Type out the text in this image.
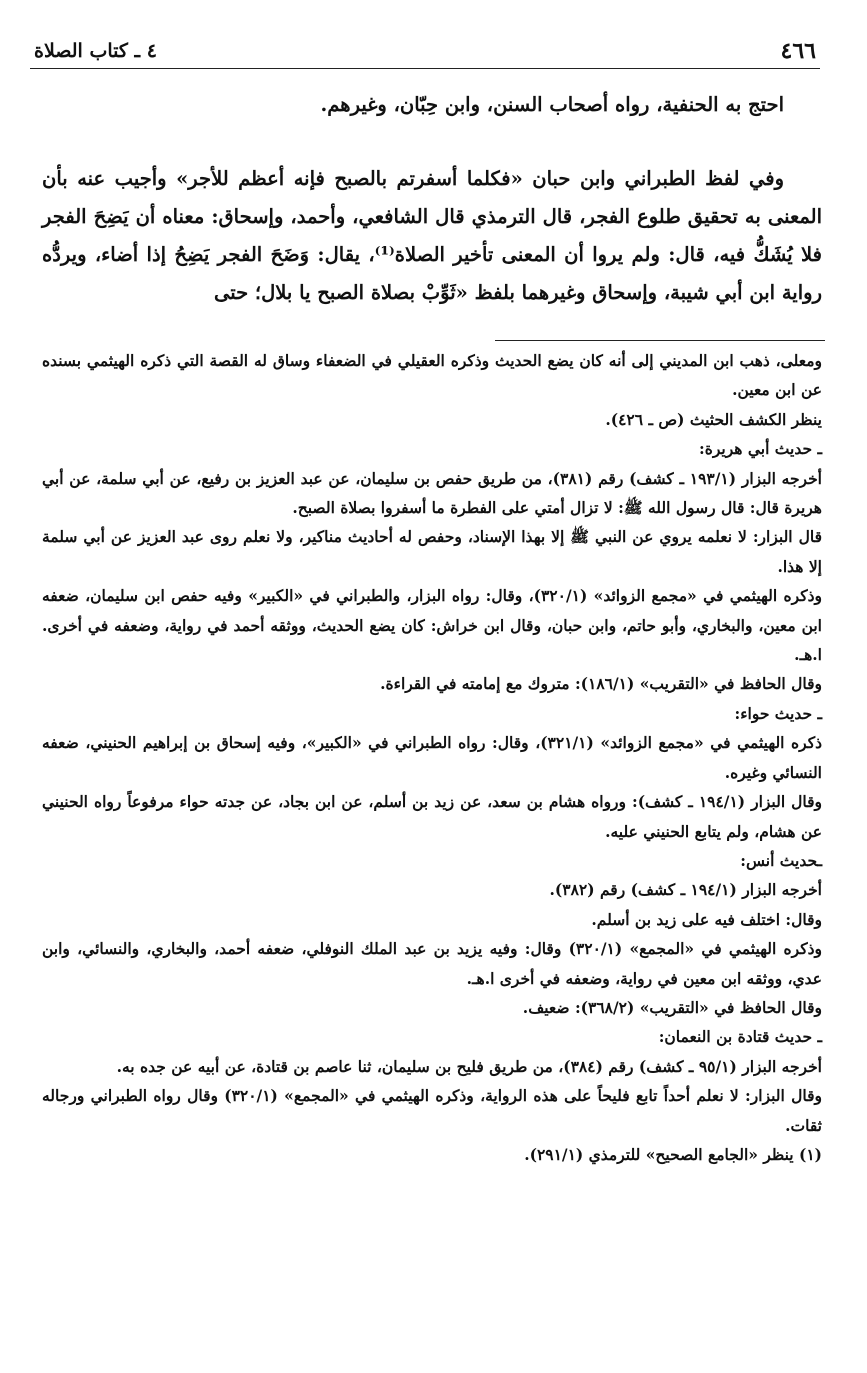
٤٦٦
٤ ـ كتاب الصلاة

احتج به الحنفية، رواه أصحاب السنن، وابن حِبّان، وغيرهم.

وفي لفظ الطبراني وابن حبان «فكلما أسفرتم بالصبح فإنه أعظم للأجر» وأجيب عنه بأن المعنى به تحقيق طلوع الفجر، قال الترمذي قال الشافعي، وأحمد، وإسحاق: معناه أن يَضِحَ الفجر فلا يُشَكُّ فيه، قال: ولم يروا أن المعنى تأخير الصلاة⁽¹⁾، يقال: وَضَحَ الفجر يَضِحُ إذا أضاء، ويردُّه رواية ابن أبي شيبة، وإسحاق وغيرهما بلفظ «ثَوِّبْ بصلاة الصبح يا بلال؛ حتى

ومعلى، ذهب ابن المديني إلى أنه كان يضع الحديث وذكره العقيلي في الضعفاء وساق له القصة التي ذكره الهيثمي بسنده عن ابن معين.

ينظر الكشف الحثيث (ص ـ ٤٢٦).

ـ حديث أبي هريرة:

أخرجه البزار (١٩٣/١ ـ كشف) رقم (٣٨١)، من طريق حفص بن سليمان، عن عبد العزيز بن رفيع، عن أبي سلمة، عن أبي هريرة قال: قال رسول الله ﷺ: لا تزال أمتي على الفطرة ما أسفروا بصلاة الصبح.

قال البزار: لا نعلمه يروي عن النبي ﷺ إلا بهذا الإسناد، وحفص له أحاديث مناكير، ولا نعلم روى عبد العزيز عن أبي سلمة إلا هذا.

وذكره الهيثمي في «مجمع الزوائد» (٣٢٠/١)، وقال: رواه البزار، والطبراني في «الكبير» وفيه حفص ابن سليمان، ضعفه ابن معين، والبخاري، وأبو حاتم، وابن حبان، وقال ابن خراش: كان يضع الحديث، ووثقه أحمد في رواية، وضعفه في أخرى. ا.هـ.

وقال الحافظ في «التقريب» (١٨٦/١): متروك مع إمامته في القراءة.

ـ حديث حواء:

ذكره الهيثمي في «مجمع الزوائد» (٣٢١/١)، وقال: رواه الطبراني في «الكبير»، وفيه إسحاق بن إبراهيم الحنيني، ضعفه النسائي وغيره.

وقال البزار (١٩٤/١ ـ كشف): ورواه هشام بن سعد، عن زيد بن أسلم، عن ابن بجاد، عن جدته حواء مرفوعاً رواه الحنيني عن هشام، ولم يتابع الحنيني عليه.

ـحديث أنس:

أخرجه البزار (١٩٤/١ ـ كشف) رقم (٣٨٢).

وقال: اختلف فيه على زيد بن أسلم.

وذكره الهيثمي في «المجمع» (٣٢٠/١) وقال: وفيه يزيد بن عبد الملك النوفلي، ضعفه أحمد، والبخاري، والنسائي، وابن عدي، ووثقه ابن معين في رواية، وضعفه في أخرى ا.هـ.

وقال الحافظ في «التقريب» (٣٦٨/٢): ضعيف.

ـ حديث قتادة بن النعمان:

أخرجه البزار (٩٥/١ ـ كشف) رقم (٣٨٤)، من طريق فليح بن سليمان، ثنا عاصم بن قتادة، عن أبيه عن جده به.

وقال البزار: لا نعلم أحداً تابع فليحاً على هذه الرواية، وذكره الهيثمي في «المجمع» (٣٢٠/١) وقال رواه الطبراني ورجاله ثقات.

(١) ينظر «الجامع الصحيح» للترمذي (٢٩١/١).
